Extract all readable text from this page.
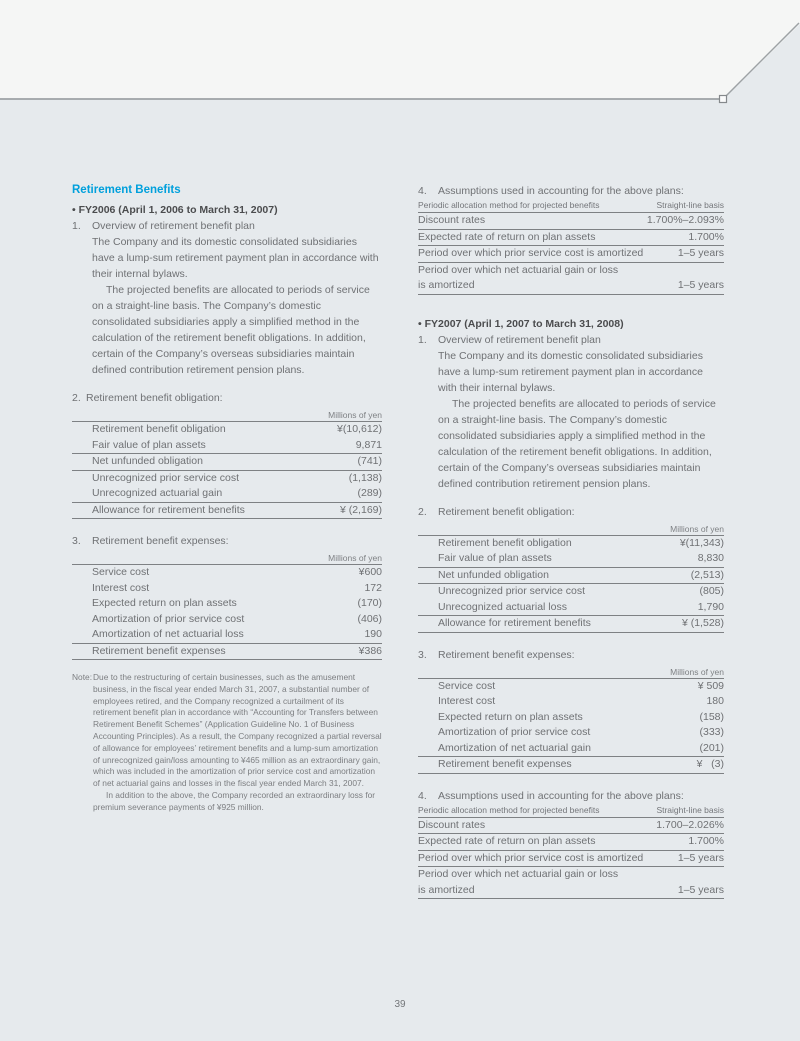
Retirement Benefits
• FY2006 (April 1, 2006 to March 31, 2007)
1.	Overview of retirement benefit plan

The Company and its domestic consolidated subsidiaries have a lump-sum retirement payment plan in accordance with their internal bylaws.

The projected benefits are allocated to periods of service on a straight-line basis. The Company’s domestic consolidated subsidiaries apply a simplified method in the calculation of the retirement benefit obligations. In addition, certain of the Company’s overseas subsidiaries maintain defined contribution retirement pension plans.

2. Retirement benefit obligation:
Millions of yen
Retirement benefit obligation	¥(10,612)
Fair value of plan assets	9,871
Net unfunded obligation	(741)
Unrecognized prior service cost	(1,138)
Unrecognized actuarial gain	(289)
Allowance for retirement benefits	¥ (2,169)
3.	Retirement benefit expenses:
Millions of yen
Service cost	¥600
Interest cost	172
Expected return on plan assets	(170)
Amortization of prior service cost	(406)
Amortization of net actuarial loss	190
Retirement benefit expenses	¥386
Note: Due to the restructuring of certain businesses, such as the amusement business, in the fiscal year ended March 31, 2007, a substantial number of employees retired, and the Company recognized a curtailment of its retirement benefit plan in accordance with “Accounting for Transfers between Retirement Benefit Schemes” (Application Guideline No. 1 of Business Accounting Principles). As a result, the Company recognized a partial reversal of allowance for employees’ retirement benefits and a lump-sum amortization of unrecognized gain/loss amounting to ¥465 million as an extraordinary gain, which was included in the amortization of prior service cost and amortization of net actuarial gains and losses in the fiscal year ended March 31, 2007.

In addition to the above, the Company recorded an extraordinary loss for premium severance payments of ¥925 million.

4.	Assumptions used in accounting for the above plans:
Periodic allocation method for projected benefits	Straight-line basis
Discount rates	1.700%–2.093%
Expected rate of return on plan assets	1.700%
Period over which prior service cost is amortized	1–5 years
Period over which net actuarial gain or loss
is amortized	1–5 years
• FY2007 (April 1, 2007 to March 31, 2008)
1.	Overview of retirement benefit plan

The Company and its domestic consolidated subsidiaries have a lump-sum retirement payment plan in accordance with their internal bylaws.

The projected benefits are allocated to periods of service on a straight-line basis. The Company’s domestic consolidated subsidiaries apply a simplified method in the calculation of the retirement benefit obligations. In addition, certain of the Company’s overseas subsidiaries maintain defined contribution retirement pension plans.

2.	Retirement benefit obligation:
Millions of yen
Retirement benefit obligation	¥(11,343)
Fair value of plan assets	8,830
Net unfunded obligation	(2,513)
Unrecognized prior service cost	(805)
Unrecognized actuarial loss	1,790
Allowance for retirement benefits	¥ (1,528)
3.	Retirement benefit expenses:
Millions of yen
Service cost	¥ 509
Interest cost	180
Expected return on plan assets	(158)
Amortization of prior service cost	(333)
Amortization of net actuarial gain	(201)
Retirement benefit expenses	¥   (3)
4.	Assumptions used in accounting for the above plans:
Periodic allocation method for projected benefits	Straight-line basis
Discount rates	1.700–2.026%
Expected rate of return on plan assets	1.700%
Period over which prior service cost is amortized	1–5 years
Period over which net actuarial gain or loss
is amortized	1–5 years
39
